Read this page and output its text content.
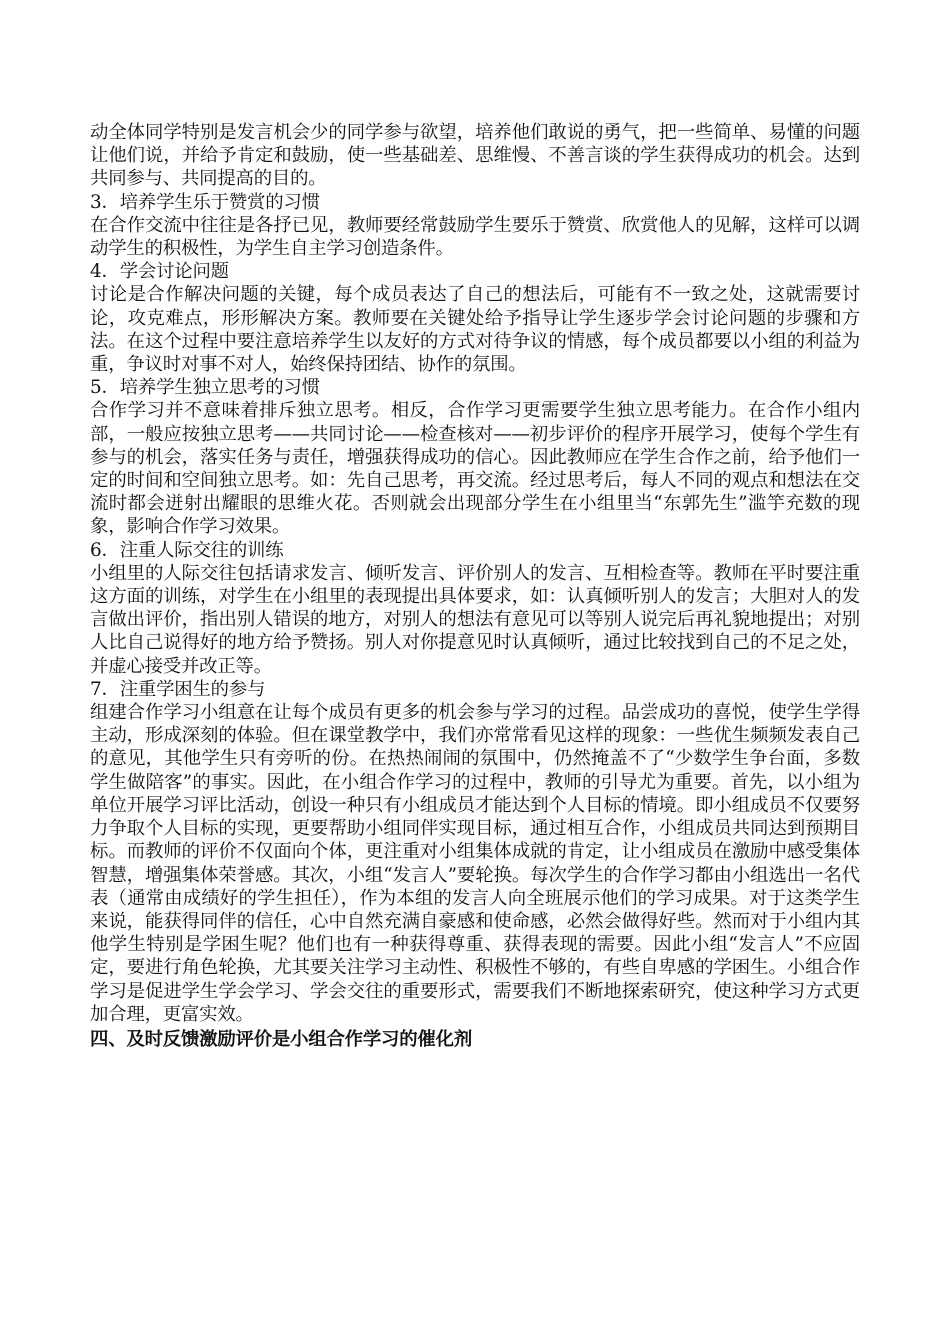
动全体同学特别是发言机会少的同学参与欲望，培养他们敢说的勇气，把一些简单、易懂的问题让他们说，并给予肯定和鼓励，使一些基础差、思维慢、不善言谈的学生获得成功的机会。达到共同参与、共同提高的目的。

3．培养学生乐于赞赏的习惯

在合作交流中往往是各抒已见，教师要经常鼓励学生要乐于赞赏、欣赏他人的见解，这样可以调动学生的积极性，为学生自主学习创造条件。

4．学会讨论问题

讨论是合作解决问题的关键，每个成员表达了自己的想法后，可能有不一致之处，这就需要讨论，攻克难点，形形解决方案。教师要在关键处给予指导让学生逐步学会讨论问题的步骤和方法。在这个过程中要注意培养学生以友好的方式对待争议的情感，每个成员都要以小组的利益为重，争议时对事不对人，始终保持团结、协作的氛围。

5．培养学生独立思考的习惯

合作学习并不意味着排斥独立思考。相反，合作学习更需要学生独立思考能力。在合作小组内部，一般应按独立思考——共同讨论——检查核对——初步评价的程序开展学习，使每个学生有参与的机会，落实任务与责任，增强获得成功的信心。因此教师应在学生合作之前，给予他们一定的时间和空间独立思考。如：先自己思考，再交流。经过思考后，每人不同的观点和想法在交流时都会迸射出耀眼的思维火花。否则就会出现部分学生在小组里当“东郭先生”滥竽充数的现象，影响合作学习效果。

6．注重人际交往的训练

小组里的人际交往包括请求发言、倾听发言、评价别人的发言、互相检查等。教师在平时要注重这方面的训练，对学生在小组里的表现提出具体要求，如：认真倾听别人的发言；大胆对人的发言做出评价，指出别人错误的地方，对别人的想法有意见可以等别人说完后再礼貌地提出；对别人比自己说得好的地方给予赞扬。别人对你提意见时认真倾听，通过比较找到自己的不足之处，并虚心接受并改正等。

7．注重学困生的参与

组建合作学习小组意在让每个成员有更多的机会参与学习的过程。品尝成功的喜悦，使学生学得主动，形成深刻的体验。但在课堂教学中，我们亦常常看见这样的现象：一些优生频频发表自己的意见，其他学生只有旁听的份。在热热闹闹的氛围中，仍然掩盖不了“少数学生争台面，多数学生做陪客”的事实。因此，在小组合作学习的过程中，教师的引导尤为重要。首先，以小组为单位开展学习评比活动，创设一种只有小组成员才能达到个人目标的情境。即小组成员不仅要努力争取个人目标的实现，更要帮助小组同伴实现目标，通过相互合作，小组成员共同达到预期目标。而教师的评价不仅面向个体，更注重对小组集体成就的肯定，让小组成员在激励中感受集体智慧，增强集体荣誉感。其次，小组“发言人”要轮换。每次学生的合作学习都由小组选出一名代表（通常由成绩好的学生担任），作为本组的发言人向全班展示他们的学习成果。对于这类学生来说，能获得同伴的信任，心中自然充满自豪感和使命感，必然会做得好些。然而对于小组内其他学生特别是学困生呢？他们也有一种获得尊重、获得表现的需要。因此小组“发言人”不应固定，要进行角色轮换，尤其要关注学习主动性、积极性不够的，有些自卑感的学困生。小组合作学习是促进学生学会学习、学会交往的重要形式，需要我们不断地探索研究，使这种学习方式更加合理，更富实效。

四、及时反馈激励评价是小组合作学习的催化剂
